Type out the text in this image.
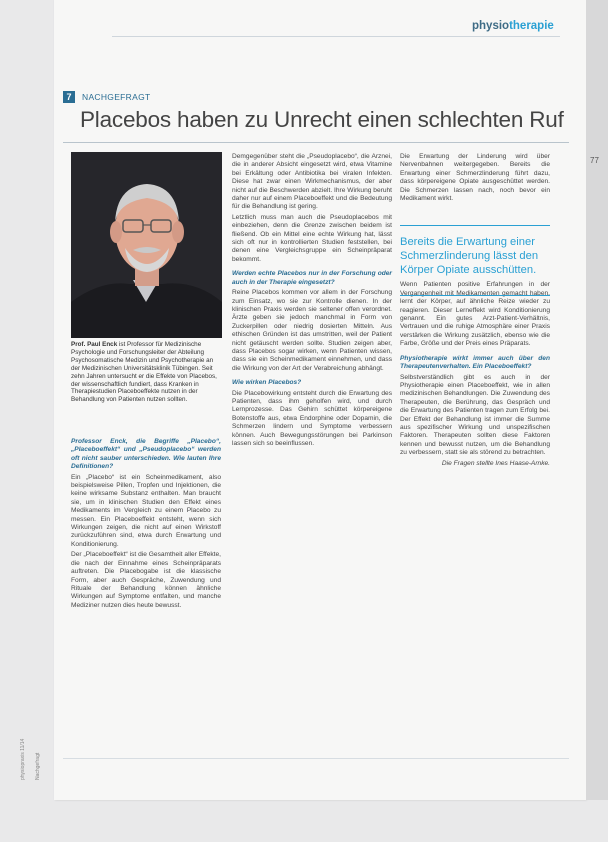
physiotherapie
77
7	NACHGEFRAGT
Placebos haben zu Unrecht einen schlechten Ruf
Prof. Paul Enck ist Professor für Medizinische Psychologie und Forschungsleiter der Abteilung Psychosomatische Medizin und Psychotherapie an der Medizinischen Universitätsklinik Tübingen. Seit zehn Jahren untersucht er die Effekte von Placebos, der wissenschaftlich fundiert, dass Kranken in Therapiestudien Placeboeffekte nutzen in der Behandlung von Patienten nutzen sollten.

Professor Enck, die Begriffe „Placebo“, „Placeboeffekt“ und „Pseudoplacebo“ werden oft nicht sauber unterschieden. Wie lauten Ihre Definitionen?

Ein „Placebo“ ist ein Scheinmedikament, also beispielsweise Pillen, Tropfen und Injektionen, die keine wirksame Substanz enthalten. Man braucht sie, um in klinischen Studien den Effekt eines Medikaments im Vergleich zu einem Placebo zu messen. Ein Placeboeffekt entsteht, wenn sich Wirkungen zeigen, die nicht auf einen Wirkstoff zurückzuführen sind, etwa durch Erwartung und Konditionierung.

Der „Placeboeffekt“ ist die Gesamtheit aller Effekte, die nach der Einnahme eines Scheinpräparats auftreten. Die Placebogabe ist die klassische Form, aber auch Gespräche, Zuwendung und Rituale der Behandlung können ähnliche Wirkungen auf Symptome entfalten, und manche Mediziner nutzen dies heute bewusst.

Demgegenüber steht die „Pseudoplacebo“, die Arznei, die in anderer Absicht eingesetzt wird, etwa Vitamine bei Erkältung oder Antibiotika bei viralen Infekten. Diese hat zwar einen Wirkmechanismus, der aber nicht auf die Beschwerden abzielt. Ihre Wirkung beruht daher nur auf einem Placeboeffekt und die Bedeutung für die Behandlung ist gering.

Letztlich muss man auch die Pseudoplacebos mit einbeziehen, denn die Grenze zwischen beidem ist fließend. Ob ein Mittel eine echte Wirkung hat, lässt sich oft nur in kontrollierten Studien feststellen, bei denen eine Vergleichsgruppe ein Scheinpräparat bekommt.

Werden echte Placebos nur in der Forschung oder auch in der Therapie eingesetzt?

Reine Placebos kommen vor allem in der Forschung zum Einsatz, wo sie zur Kontrolle dienen. In der klinischen Praxis werden sie seltener offen verordnet. Ärzte geben sie jedoch manchmal in Form von Zuckerpillen oder niedrig dosierten Mitteln. Aus ethischen Gründen ist das umstritten, weil der Patient nicht getäuscht werden sollte. Studien zeigen aber, dass Placebos sogar wirken, wenn Patienten wissen, dass sie ein Scheinmedikament einnehmen, und dass die Wirkung von der Art der Verabreichung abhängt.

Wie wirken Placebos?

Die Placebowirkung entsteht durch die Erwartung des Patienten, dass ihm geholfen wird, und durch Lernprozesse. Das Gehirn schüttet körpereigene Botenstoffe aus, etwa Endorphine oder Dopamin, die Schmerzen lindern und Symptome verbessern können. Auch Bewegungsstörungen bei Parkinson lassen sich so beeinflussen.

Die Erwartung der Linderung wird über Nervenbahnen weitergegeben. Bereits die Erwartung einer Schmerzlinderung führt dazu, dass körpereigene Opiate ausgeschüttet werden. Die Schmerzen lassen nach, noch bevor ein Medikament wirkt.

Wenn Patienten positive Erfahrungen in der Vergangenheit mit Medikamenten gemacht haben, lernt der Körper, auf ähnliche Reize wieder zu reagieren. Dieser Lerneffekt wird Konditionierung genannt. Ein gutes Arzt-Patient-Verhältnis, Vertrauen und die ruhige Atmosphäre einer Praxis verstärken die Wirkung zusätzlich, ebenso wie die Farbe, Größe und der Preis eines Präparats.

Physiotherapie wirkt immer auch über den Therapeutenverhalten. Ein Placeboeffekt?

Selbstverständlich gibt es auch in der Physiotherapie einen Placeboeffekt, wie in allen medizinischen Behandlungen. Die Zuwendung des Therapeuten, die Berührung, das Gespräch und die Erwartung des Patienten tragen zum Erfolg bei. Der Effekt der Behandlung ist immer die Summe aus spezifischer Wirkung und unspezifischen Faktoren. Therapeuten sollten diese Faktoren kennen und bewusst nutzen, um die Behandlung zu verbessern, statt sie als störend zu betrachten.

Die Fragen stellte Ines Haase-Arnke.

Bereits die Erwartung einer Schmerzlinderung lässt den Körper Opiate ausschütten.
physiopraxis 11/14 Nachgefragt
